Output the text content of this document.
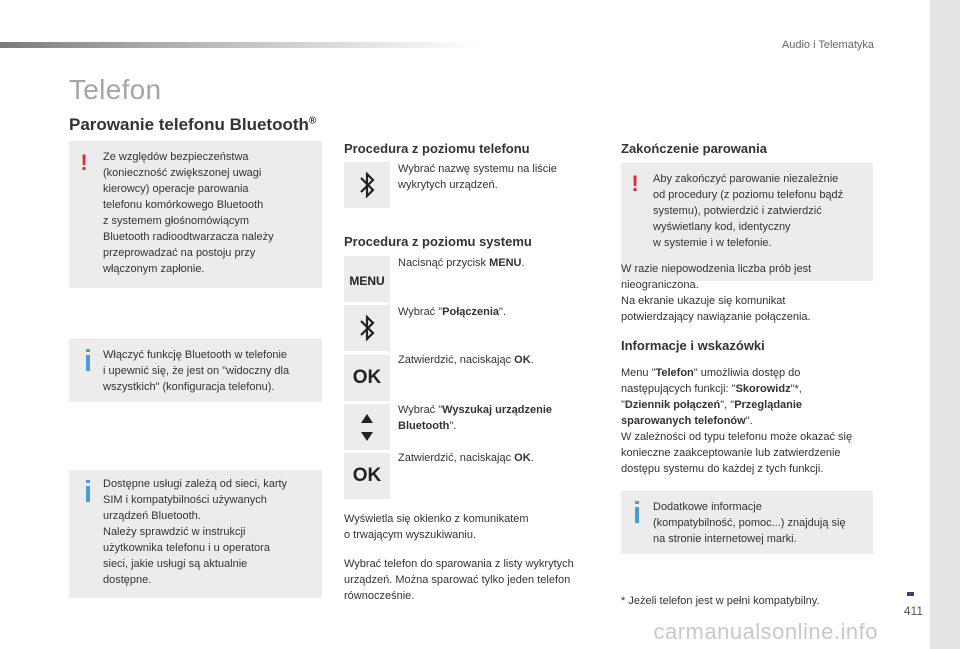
Audio i Telematyka
Telefon
Parowanie telefonu Bluetooth®
! Ze względów bezpieczeństwa
(konieczność zwiększonej uwagi
kierowcy) operacje parowania
telefonu komórkowego Bluetooth
z systemem głośnomówiącym
Bluetooth radioodtwarzacza należy
przeprowadzać na postoju przy
włączonym zapłonie.
Włączyć funkcję Bluetooth w telefonie
i upewnić się, że jest on "widoczny dla
wszystkich" (konfiguracja telefonu).
Dostępne usługi zależą od sieci, karty
SIM i kompatybilności używanych
urządzeń Bluetooth.
Należy sprawdzić w instrukcji
użytkownika telefonu i u operatora
sieci, jakie usługi są aktualnie
dostępne.
Procedura z poziomu telefonu
Wybrać nazwę systemu na liście
wykrytych urządzeń.
Procedura z poziomu systemu
MENU
Nacisnąć przycisk MENU.
Wybrać "Połączenia".
OK
Zatwierdzić, naciskając OK.
Wybrać "Wyszukaj urządzenie
Bluetooth".
OK
Zatwierdzić, naciskając OK.
Wyświetla się okienko z komunikatem
o trwającym wyszukiwaniu.
Wybrać telefon do sparowania z listy wykrytych
urządzeń. Można sparować tylko jeden telefon
równocześnie.
Zakończenie parowania
! Aby zakończyć parowanie niezależnie
od procedury (z poziomu telefonu bądź
systemu), potwierdzić i zatwierdzić
wyświetlany kod, identyczny
w systemie i w telefonie.
W razie niepowodzenia liczba prób jest
nieograniczona.
Na ekranie ukazuje się komunikat
potwierdzający nawiązanie połączenia.
Informacje i wskazówki
Menu "Telefon" umożliwia dostęp do
następujących funkcji: "Skorowidz"*,
"Dziennik połączeń", "Przeglądanie
sparowanych telefonów".
W zależności od typu telefonu może okazać się
konieczne zaakceptowanie lub zatwierdzenie
dostępu systemu do każdej z tych funkcji.
Dodatkowe informacje
(kompatybilność, pomoc...) znajdują się
na stronie internetowej marki.
* Jeżeli telefon jest w pełni kompatybilny.
411
carmanualsonline.info
